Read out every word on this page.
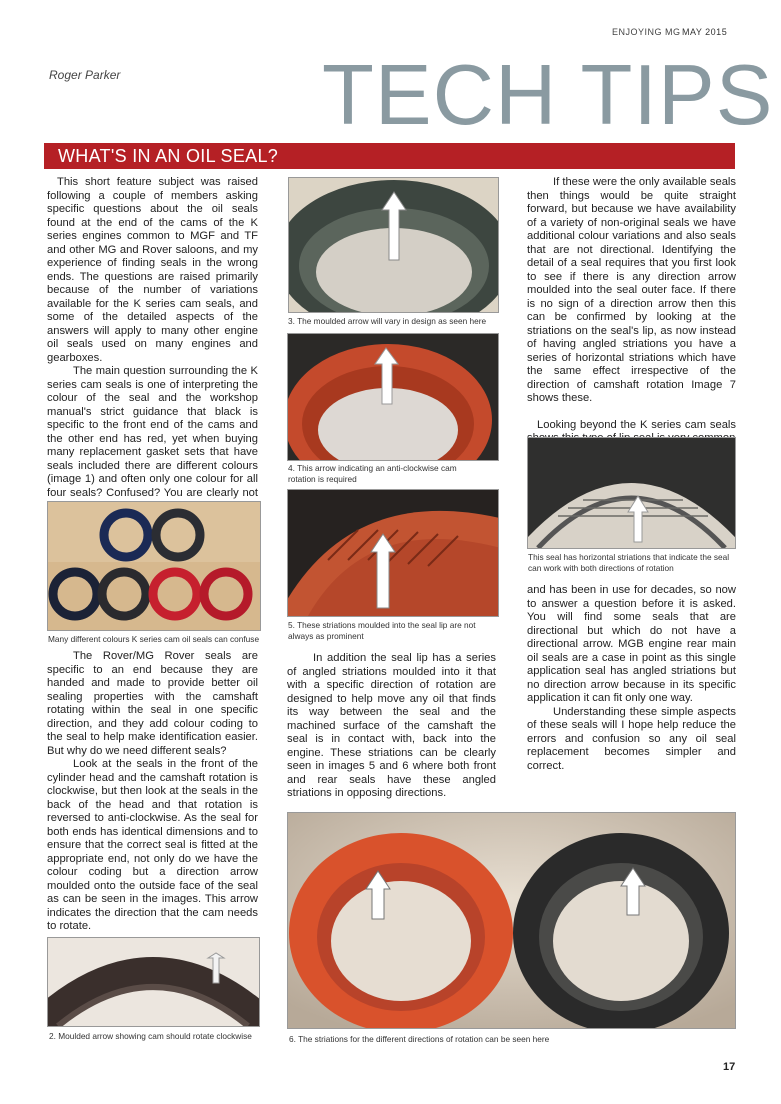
ENJOYING MG MAY 2015
Roger Parker TECH TIPS
WHAT'S IN AN OIL SEAL?

This short feature subject was raised following a couple of members asking specific questions about the oil seals found at the end of the cams of the K series engines common to MGF and TF and other MG and Rover saloons, and my experience of finding seals in the wrong ends. The questions are raised primarily because of the number of variations available for the K series cam seals, and some of the detailed aspects of the answers will apply to many other engine oil seals used on many engines and gearboxes.

The main question surrounding the K series cam seals is one of interpreting the colour of the seal and the workshop manual's strict guidance that black is specific to the front end of the cams and the other end has red, yet when buying many replacement gasket sets that have seals included there are different colours (image 1) and often only one colour for all four seals? Confused? You are clearly not

Many different colours K series cam oil seals can confuse

The Rover/MG Rover seals are specific to an end because they are handed and made to provide better oil sealing properties with the camshaft rotating within the seal in one specific direction, and they add colour coding to the seal to help make identification easier. But why do we need different seals?

Look at the seals in the front of the cylinder head and the camshaft rotation is clockwise, but then look at the seals in the back of the head and that rotation is reversed to anti-clockwise. As the seal for both ends has identical dimensions and to ensure that the correct seal is fitted at the appropriate end, not only do we have the colour coding but a direction arrow moulded onto the outside face of the seal as can be seen in the images. This arrow indicates the direction that the cam needs to rotate.

2. Moulded arrow showing cam should rotate clockwise
3. The moulded arrow will vary in design as seen here
4. This arrow indicating an anti-clockwise cam
rotation is required
5. These striations moulded into the seal lip are not
always as prominent

In addition the seal lip has a series of angled striations moulded into it that with a specific direction of rotation are designed to help move any oil that finds its way between the seal and the machined surface of the camshaft the seal is in contact with, back into the engine. These striations can be clearly seen in images 5 and 6 where both front and rear seals have these angled striations in opposing directions.

If these were the only available seals then things would be quite straight forward, but because we have availability of a variety of non-original seals we have additional colour variations and also seals that are not directional. Identifying the detail of a seal requires that you first look to see if there is any direction arrow moulded into the seal outer face. If there is no sign of a direction arrow then this can be confirmed by looking at the striations on the seal's lip, as now instead of having angled striations you have a series of horizontal striations which have the same effect irrespective of the direction of camshaft rotation Image 7 shows these.

Looking beyond the K series cam seals

This seal has horizontal striations that indicate the seal can work with both directions of rotation

and has been in use for decades, so now to answer a question before it is asked. You will find some seals that are directional but which do not have a directional arrow. MGB engine rear main oil seals are a case in point as this single application seal has angled striations but no direction arrow because in its specific application it can fit only one way.

Understanding these simple aspects of these seals will I hope help reduce the errors and confusion so any oil seal replacement becomes simpler and correct.

6. The striations for the different directions of rotation can be seen here
17
